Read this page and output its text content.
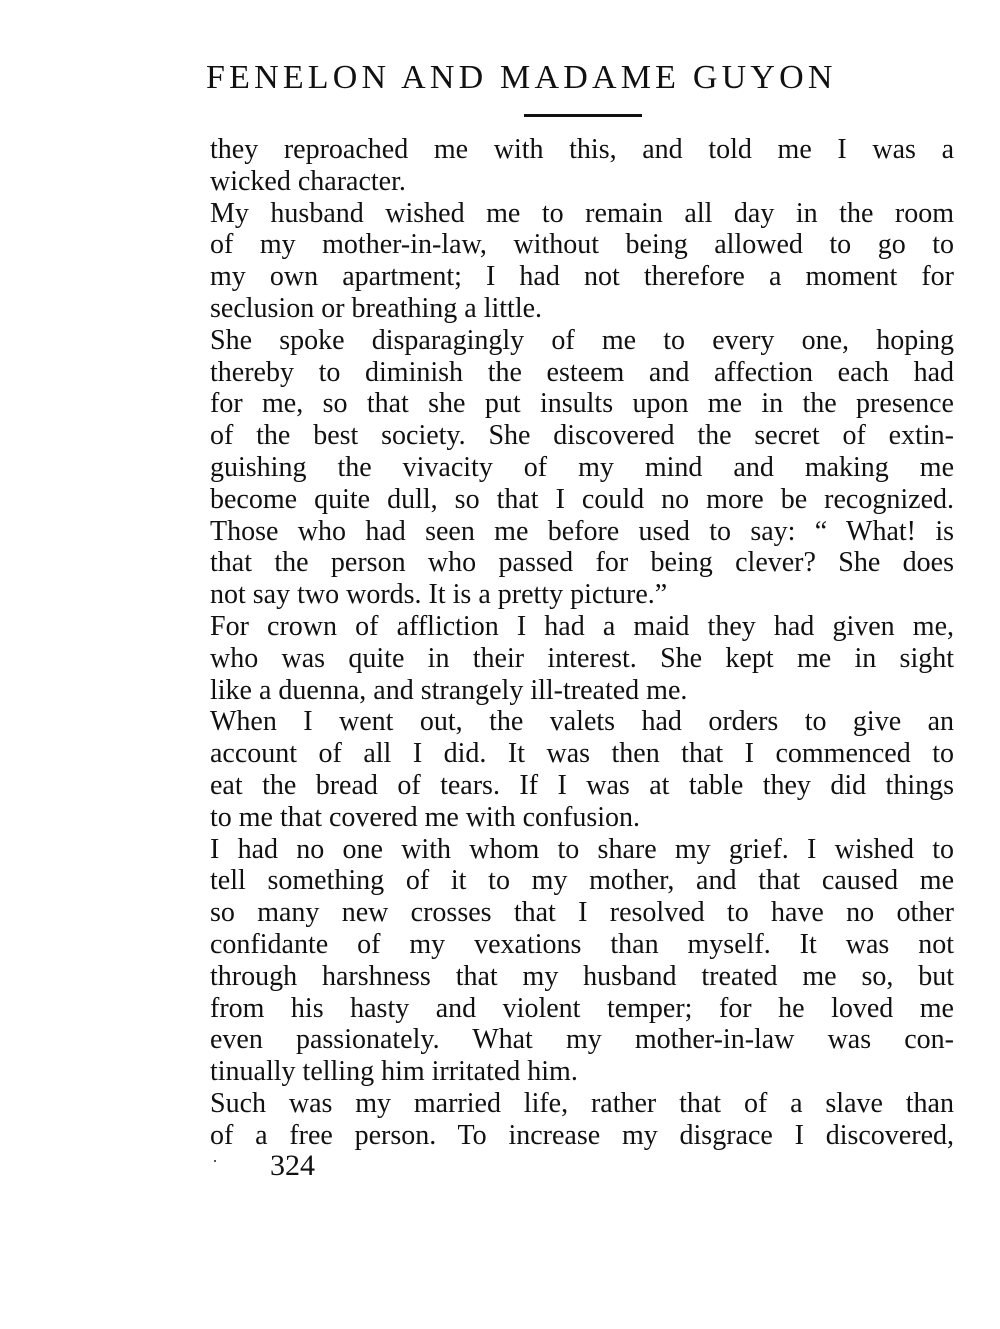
FENELON AND MADAME GUYON
they reproached me with this, and told me I was a
wicked character.
My husband wished me to remain all day in the room
of my mother-in-law, without being allowed to go to
my own apartment; I had not therefore a moment for
seclusion or breathing a little.
She spoke disparagingly of me to every one, hoping
thereby to diminish the esteem and affection each had
for me, so that she put insults upon me in the presence
of the best society. She discovered the secret of extin-
guishing the vivacity of my mind and making me
become quite dull, so that I could no more be recognized.
Those who had seen me before used to say: “ What! is
that the person who passed for being clever? She does
not say two words. It is a pretty picture.”
For crown of affliction I had a maid they had given me,
who was quite in their interest. She kept me in sight
like a duenna, and strangely ill-treated me.
When I went out, the valets had orders to give an
account of all I did. It was then that I commenced to
eat the bread of tears. If I was at table they did things
to me that covered me with confusion.
I had no one with whom to share my grief. I wished to
tell something of it to my mother, and that caused me
so many new crosses that I resolved to have no other
confidante of my vexations than myself. It was not
through harshness that my husband treated me so, but
from his hasty and violent temper; for he loved me
even passionately. What my mother-in-law was con-
tinually telling him irritated him.
Such was my married life, rather that of a slave than
of a free person. To increase my disgrace I discovered,
324
